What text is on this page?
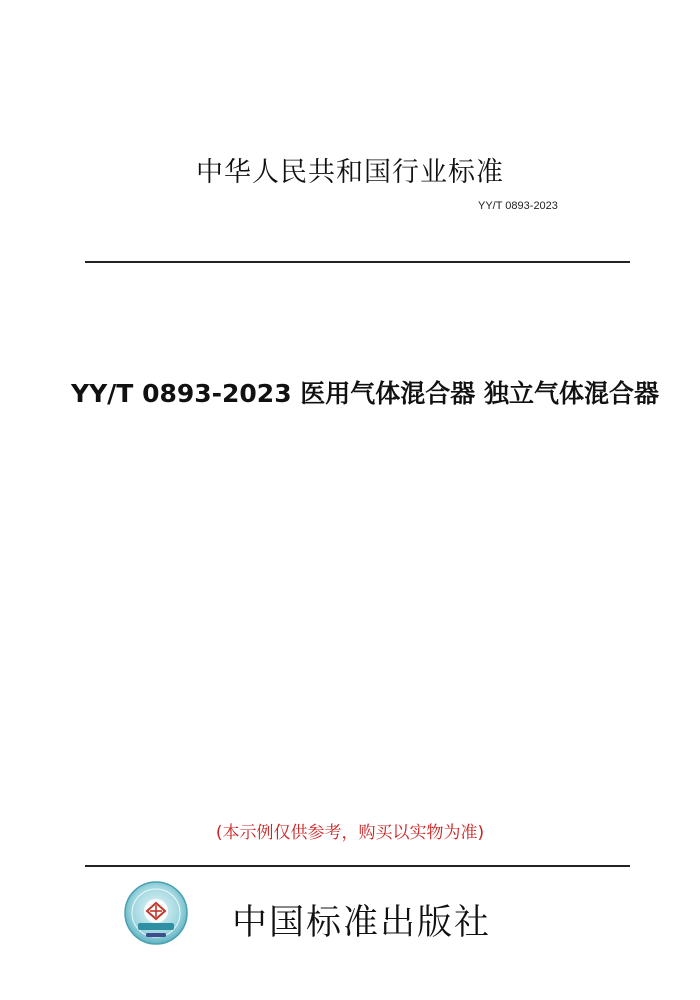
中华人民共和国行业标准
YY/T 0893-2023
YY/T 0893-2023 医用气体混合器 独立气体混合器
(本示例仅供参考，购买以实物为准)
中国标准出版社
